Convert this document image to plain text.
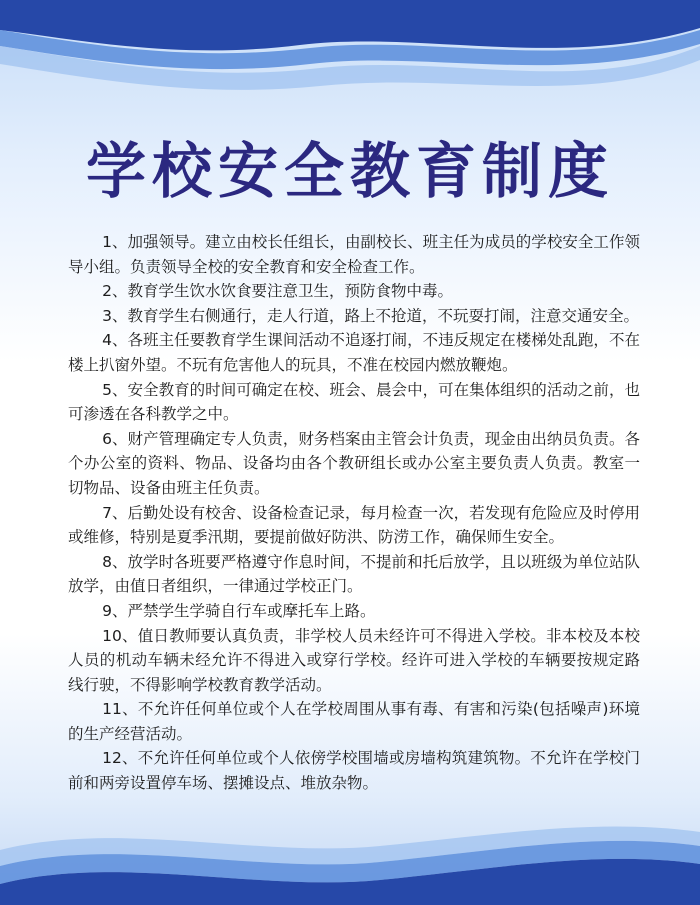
学校安全教育制度

1、加强领导。建立由校长任组长，由副校长、班主任为成员的学校安全工作领导小组。负责领导全校的安全教育和安全检查工作。

2、教育学生饮水饮食要注意卫生，预防食物中毒。

3、教育学生右侧通行，走人行道，路上不抢道，不玩耍打闹，注意交通安全。

4、各班主任要教育学生课间活动不追逐打闹，不违反规定在楼梯处乱跑，不在楼上扒窗外望。不玩有危害他人的玩具，不准在校园内燃放鞭炮。

5、安全教育的时间可确定在校、班会、晨会中，可在集体组织的活动之前，也可渗透在各科教学之中。

6、财产管理确定专人负责，财务档案由主管会计负责，现金由出纳员负责。各个办公室的资料、物品、设备均由各个教研组长或办公室主要负责人负责。教室一切物品、设备由班主任负责。

7、后勤处设有校舍、设备检查记录，每月检查一次，若发现有危险应及时停用或维修，特别是夏季汛期，要提前做好防洪、防涝工作，确保师生安全。

8、放学时各班要严格遵守作息时间，不提前和托后放学，且以班级为单位站队放学，由值日者组织，一律通过学校正门。

9、严禁学生学骑自行车或摩托车上路。

10、值日教师要认真负责，非学校人员未经许可不得进入学校。非本校及本校人员的机动车辆未经允许不得进入或穿行学校。经许可进入学校的车辆要按规定路线行驶，不得影响学校教育教学活动。

11、不允许任何单位或个人在学校周围从事有毒、有害和污染(包括噪声)环境的生产经营活动。

12、不允许任何单位或个人依傍学校围墙或房墙构筑建筑物。不允许在学校门前和两旁设置停车场、摆摊设点、堆放杂物。
